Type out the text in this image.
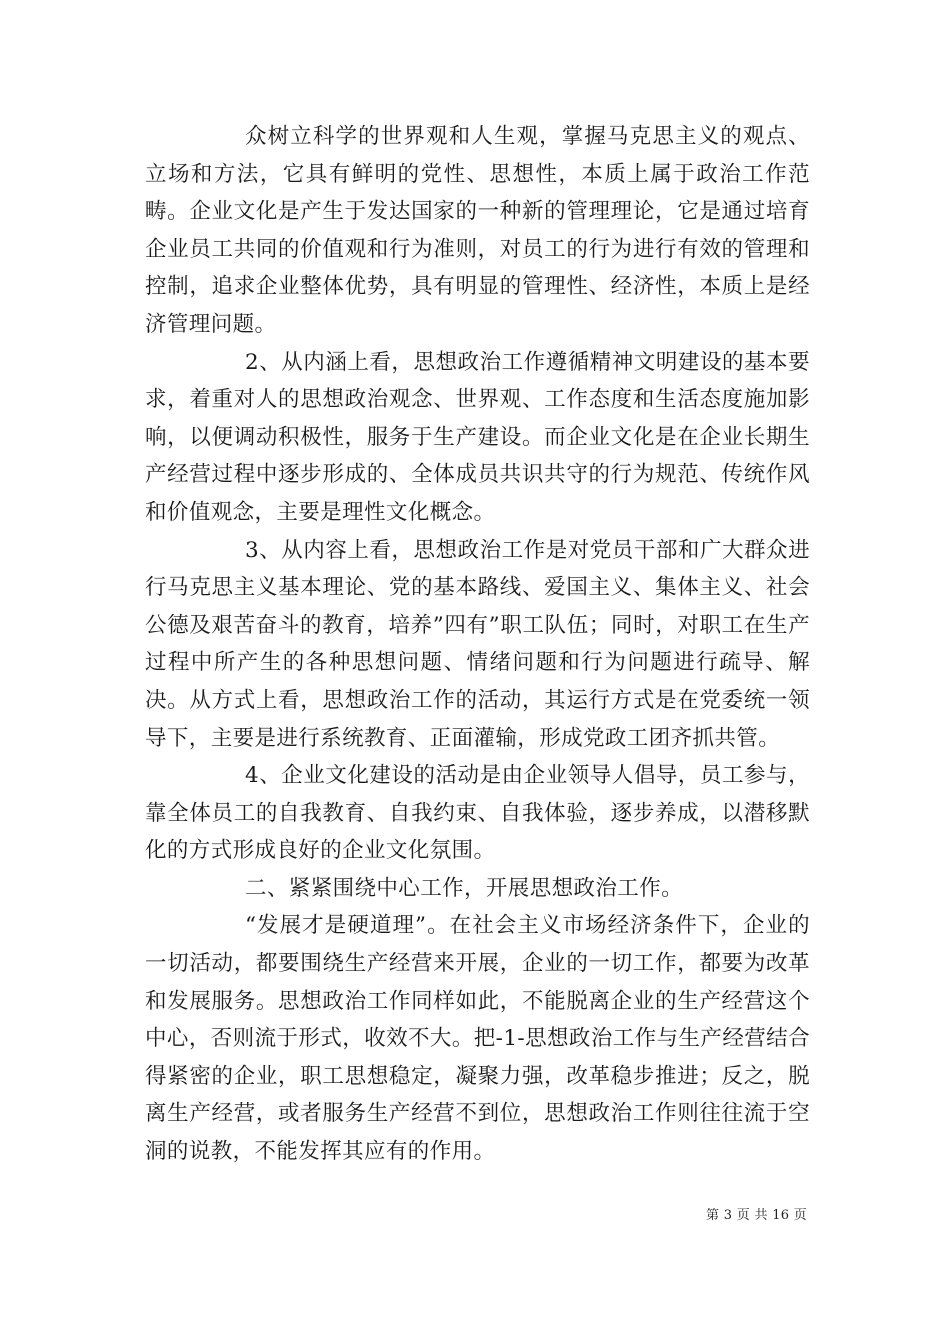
众树立科学的世界观和人生观，掌握马克思主义的观点、立场和方法，它具有鲜明的党性、思想性，本质上属于政治工作范畴。企业文化是产生于发达国家的一种新的管理理论，它是通过培育企业员工共同的价值观和行为准则，对员工的行为进行有效的管理和控制，追求企业整体优势，具有明显的管理性、经济性，本质上是经济管理问题。

2、从内涵上看，思想政治工作遵循精神文明建设的基本要求，着重对人的思想政治观念、世界观、工作态度和生活态度施加影响，以便调动积极性，服务于生产建设。而企业文化是在企业长期生产经营过程中逐步形成的、全体成员共识共守的行为规范、传统作风和价值观念，主要是理性文化概念。

3、从内容上看，思想政治工作是对党员干部和广大群众进行马克思主义基本理论、党的基本路线、爱国主义、集体主义、社会公德及艰苦奋斗的教育，培养”四有”职工队伍；同时，对职工在生产过程中所产生的各种思想问题、情绪问题和行为问题进行疏导、解决。从方式上看，思想政治工作的活动，其运行方式是在党委统一领导下，主要是进行系统教育、正面灌输，形成党政工团齐抓共管。

4、企业文化建设的活动是由企业领导人倡导，员工参与，靠全体员工的自我教育、自我约束、自我体验，逐步养成，以潜移默化的方式形成良好的企业文化氛围。

二、紧紧围绕中心工作，开展思想政治工作。

“发展才是硬道理”。在社会主义市场经济条件下，企业的一切活动，都要围绕生产经营来开展，企业的一切工作，都要为改革和发展服务。思想政治工作同样如此，不能脱离企业的生产经营这个中心，否则流于形式，收效不大。把-1-思想政治工作与生产经营结合得紧密的企业，职工思想稳定，凝聚力强，改革稳步推进；反之，脱离生产经营，或者服务生产经营不到位，思想政治工作则往往流于空洞的说教，不能发挥其应有的作用。

第 3 页 共 16 页
